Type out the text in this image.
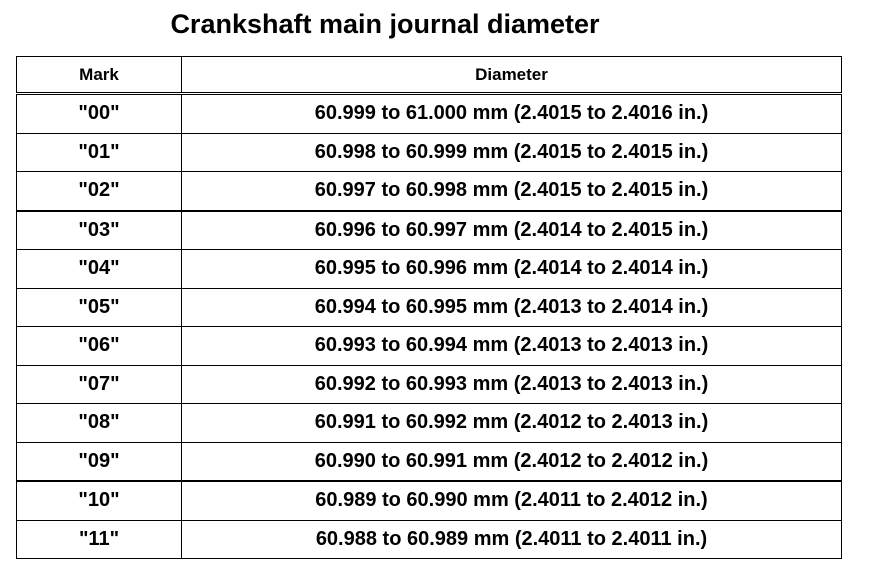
Crankshaft main journal diameter
Mark	Diameter
"00"	60.999 to 61.000 mm (2.4015 to 2.4016 in.)
"01"	60.998 to 60.999 mm (2.4015 to 2.4015 in.)
"02"	60.997 to 60.998 mm (2.4015 to 2.4015 in.)
"03"	60.996 to 60.997 mm (2.4014 to 2.4015 in.)
"04"	60.995 to 60.996 mm (2.4014 to 2.4014 in.)
"05"	60.994 to 60.995 mm (2.4013 to 2.4014 in.)
"06"	60.993 to 60.994 mm (2.4013 to 2.4013 in.)
"07"	60.992 to 60.993 mm (2.4013 to 2.4013 in.)
"08"	60.991 to 60.992 mm (2.4012 to 2.4013 in.)
"09"	60.990 to 60.991 mm (2.4012 to 2.4012 in.)
"10"	60.989 to 60.990 mm (2.4011 to 2.4012 in.)
"11"	60.988 to 60.989 mm (2.4011 to 2.4011 in.)
